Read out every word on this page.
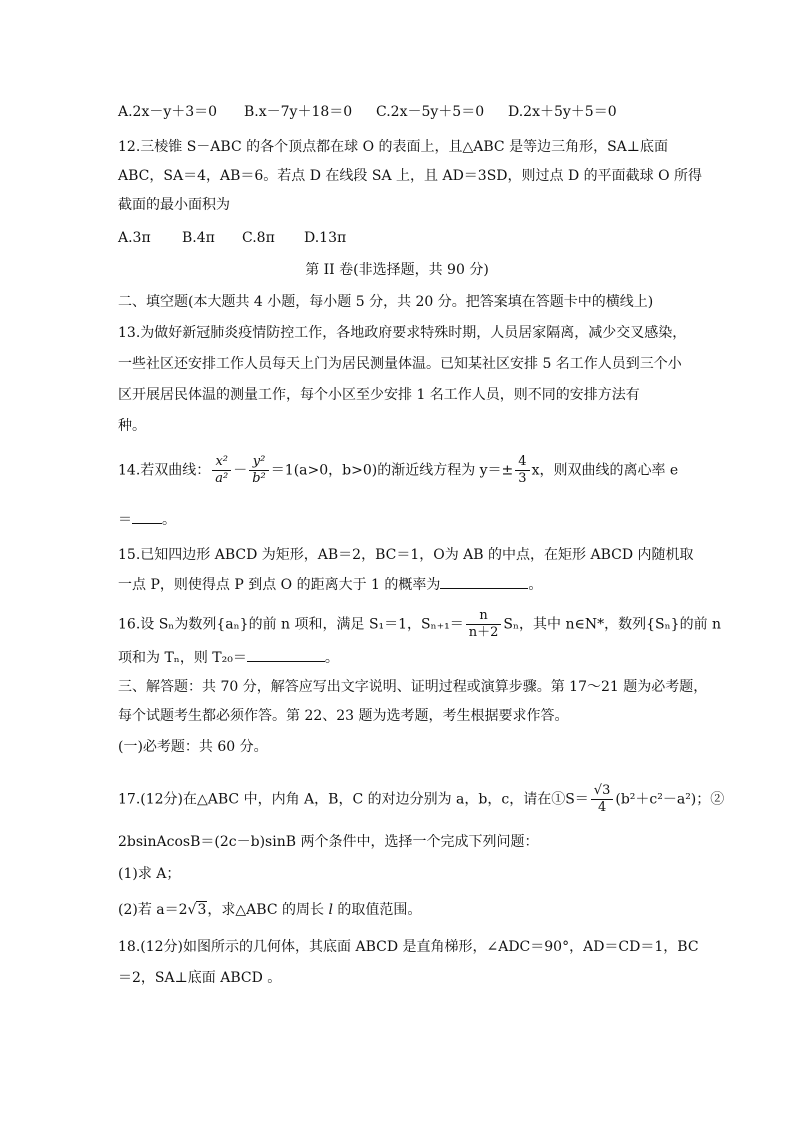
A.2x－y＋3＝0 B.x－7y＋18＝0 C.2x－5y＋5＝0 D.2x＋5y＋5＝0
12.三棱锥 S－ABC 的各个顶点都在球 O 的表面上，且△ABC 是等边三角形，SA⊥底面
ABC，SA＝4，AB＝6。若点 D 在线段 SA 上，且 AD＝3SD，则过点 D 的平面截球 O 所得
截面的最小面积为
A.3π B.4π C.8π D.13π
第 II 卷(非选择题，共 90 分)
二、填空题(本大题共 4 小题，每小题 5 分，共 20 分。把答案填在答题卡中的横线上)
13.为做好新冠肺炎疫情防控工作，各地政府要求特殊时期，人员居家隔离，减少交叉感染，
一些社区还安排工作人员每天上门为居民测量体温。已知某社区安排 5 名工作人员到三个小
区开展居民体温的测量工作，每个小区至少安排 1 名工作人员，则不同的安排方法有
种。
14.若双曲线： $\frac{\text{x²}}{\text{a²}} - \frac{\text{y²}}{\text{b²}} =1(a>0$，b>0)的渐近线方程为 $y=\pm \frac{4}{3}$ x，则双曲线的离心率 e
＝ 。
15.已知四边形 ABCD 为矩形，AB＝2，BC＝1，O为 AB 的中点，在矩形 ABCD 内随机取
一点 P，则使得点 P 到点 O 的距离大于 1 的概率为	。
16.设 Sₙ为数列{aₙ}的前 n 项和，满足 S₁＝1，$S_{n+1}= \frac{n}{n+2}$ Sₙ，其中 n∈N*，数列{Sₙ}的前 n
项和为 Tₙ，则 T₂₀＝	。
三、解答题：共 70 分，解答应写出文字说明、证明过程或演算步骤。第 17～21 题为必考题，
每个试题考生都必须作答。第 22、23 题为选考题，考生根据要求作答。
(一)必考题：共 60 分。
17.(12分)在△ABC 中，内角 A，B，C 的对边分别为 a，b，c，请在①S＝ $\frac{√3}{4} (b^2+c^2-a^2)$；②
2bsinAcosB＝(2c－b)sinB 两个条件中，选择一个完成下列问题：
(1)求 A；
(2)若 a＝2√3，求△ABC 的周长 l 的取值范围。
18.(12分)如图所示的几何体，其底面 ABCD 是直角梯形，∠ADC＝90°，AD＝CD＝1，BC
＝2，SA⊥底面 ABCD 。
